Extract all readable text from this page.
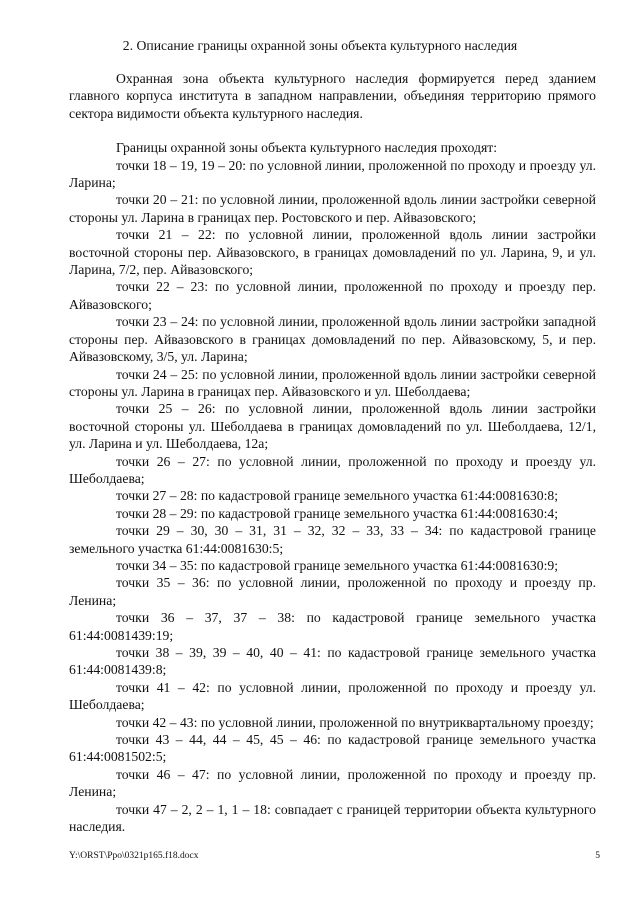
2. Описание границы охранной зоны объекта культурного наследия

Охранная зона объекта культурного наследия формируется перед зданием главного корпуса института в западном направлении, объединяя территорию прямого сектора видимости объекта культурного наследия.

Границы охранной зоны объекта культурного наследия проходят:

точки 18 – 19, 19 – 20: по условной линии, проложенной по проходу и проезду ул. Ларина;

точки 20 – 21: по условной линии, проложенной вдоль линии застройки северной стороны ул. Ларина в границах пер. Ростовского и пер. Айвазовского;

точки 21 – 22: по условной линии, проложенной вдоль линии застройки восточной стороны пер. Айвазовского, в границах домовладений по ул. Ларина, 9, и ул. Ларина, 7/2, пер. Айвазовского;

точки 22 – 23: по условной линии, проложенной по проходу и проезду пер. Айвазовского;

точки 23 – 24: по условной линии, проложенной вдоль линии застройки западной стороны пер. Айвазовского в границах домовладений по пер. Айвазовскому, 5, и пер. Айвазовскому, 3/5, ул. Ларина;

точки 24 – 25: по условной линии, проложенной вдоль линии застройки северной стороны ул. Ларина в границах пер. Айвазовского и ул. Шеболдаева;

точки 25 – 26: по условной линии, проложенной вдоль линии застройки восточной стороны ул. Шеболдаева в границах домовладений по ул. Шеболдаева, 12/1, ул. Ларина и ул. Шеболдаева, 12а;

точки 26 – 27: по условной линии, проложенной по проходу и проезду ул. Шеболдаева;

точки 27 – 28: по кадастровой границе земельного участка 61:44:0081630:8;

точки 28 – 29: по кадастровой границе земельного участка 61:44:0081630:4;

точки 29 – 30, 30 – 31, 31 – 32, 32 – 33, 33 – 34: по кадастровой границе земельного участка 61:44:0081630:5;

точки 34 – 35: по кадастровой границе земельного участка 61:44:0081630:9;

точки 35 – 36: по условной линии, проложенной по проходу и проезду пр. Ленина;

точки 36 – 37, 37 – 38: по кадастровой границе земельного участка 61:44:0081439:19;

точки 38 – 39, 39 – 40, 40 – 41: по кадастровой границе земельного участка 61:44:0081439:8;

точки 41 – 42: по условной линии, проложенной по проходу и проезду ул. Шеболдаева;

точки 42 – 43: по условной линии, проложенной по внутриквартальному проезду;

точки 43 – 44, 44 – 45, 45 – 46: по кадастровой границе земельного участка 61:44:0081502:5;

точки 46 – 47: по условной линии, проложенной по проходу и проезду пр. Ленина;

точки 47 – 2, 2 – 1, 1 – 18: совпадает с границей территории объекта культурного наследия.

Y:\ORST\Ppo\0321p165.f18.docx	5
